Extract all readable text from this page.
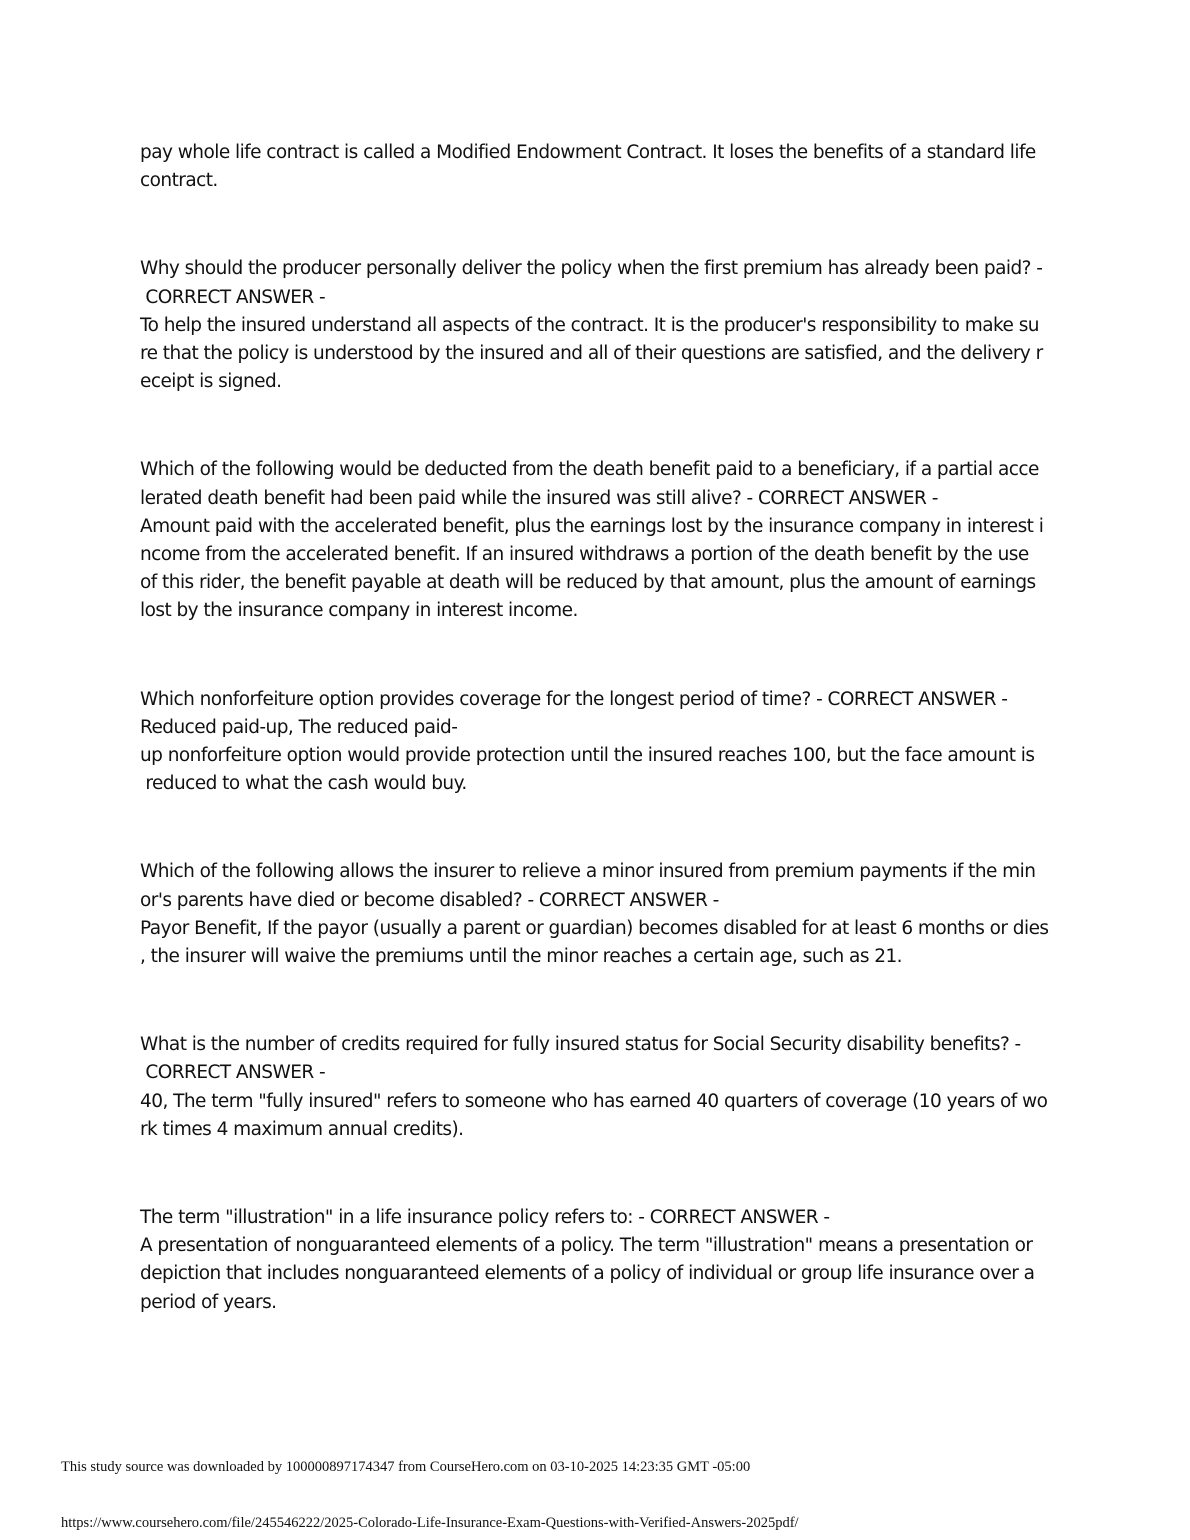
pay whole life contract is called a Modified Endowment Contract. It loses the benefits of a standard life
contract.
Why should the producer personally deliver the policy when the first premium has already been paid? -
CORRECT ANSWER -
To help the insured understand all aspects of the contract. It is the producer's responsibility to make su
re that the policy is understood by the insured and all of their questions are satisfied, and the delivery r
eceipt is signed.
Which of the following would be deducted from the death benefit paid to a beneficiary, if a partial acce
lerated death benefit had been paid while the insured was still alive? - CORRECT ANSWER -
Amount paid with the accelerated benefit, plus the earnings lost by the insurance company in interest i
ncome from the accelerated benefit. If an insured withdraws a portion of the death benefit by the use
of this rider, the benefit payable at death will be reduced by that amount, plus the amount of earnings
lost by the insurance company in interest income.
Which nonforfeiture option provides coverage for the longest period of time? - CORRECT ANSWER -
Reduced paid-up, The reduced paid-
up nonforfeiture option would provide protection until the insured reaches 100, but the face amount is
reduced to what the cash would buy.
Which of the following allows the insurer to relieve a minor insured from premium payments if the min
or's parents have died or become disabled? - CORRECT ANSWER -
Payor Benefit, If the payor (usually a parent or guardian) becomes disabled for at least 6 months or dies
, the insurer will waive the premiums until the minor reaches a certain age, such as 21.
What is the number of credits required for fully insured status for Social Security disability benefits? -
CORRECT ANSWER -
40, The term "fully insured" refers to someone who has earned 40 quarters of coverage (10 years of wo
rk times 4 maximum annual credits).
The term "illustration" in a life insurance policy refers to: - CORRECT ANSWER -
A presentation of nonguaranteed elements of a policy. The term "illustration" means a presentation or
depiction that includes nonguaranteed elements of a policy of individual or group life insurance over a
period of years.
This study source was downloaded by 100000897174347 from CourseHero.com on 03-10-2025 14:23:35 GMT -05:00
https://www.coursehero.com/file/245546222/2025-Colorado-Life-Insurance-Exam-Questions-with-Verified-Answers-2025pdf/
